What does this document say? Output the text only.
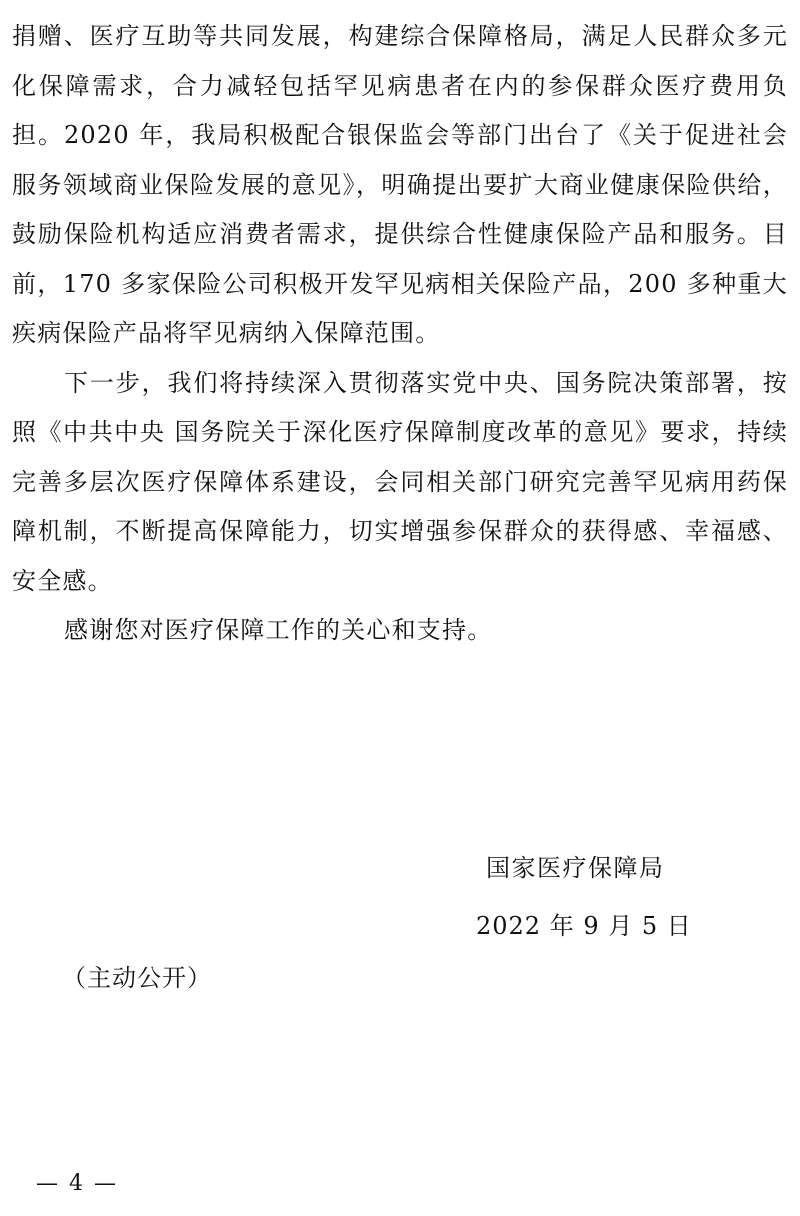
捐赠、医疗互助等共同发展，构建综合保障格局，满足人民群众多元化保障需求，合力减轻包括罕见病患者在内的参保群众医疗费用负担。2020 年，我局积极配合银保监会等部门出台了《关于促进社会服务领域商业保险发展的意见》，明确提出要扩大商业健康保险供给，鼓励保险机构适应消费者需求，提供综合性健康保险产品和服务。目前，170 多家保险公司积极开发罕见病相关保险产品，200 多种重大疾病保险产品将罕见病纳入保障范围。

下一步，我们将持续深入贯彻落实党中央、国务院决策部署，按照《中共中央 国务院关于深化医疗保障制度改革的意见》要求，持续完善多层次医疗保障体系建设，会同相关部门研究完善罕见病用药保障机制，不断提高保障能力，切实增强参保群众的获得感、幸福感、安全感。

感谢您对医疗保障工作的关心和支持。

国家医疗保障局
2022 年 9 月 5 日
（主动公开）
— 4 —
